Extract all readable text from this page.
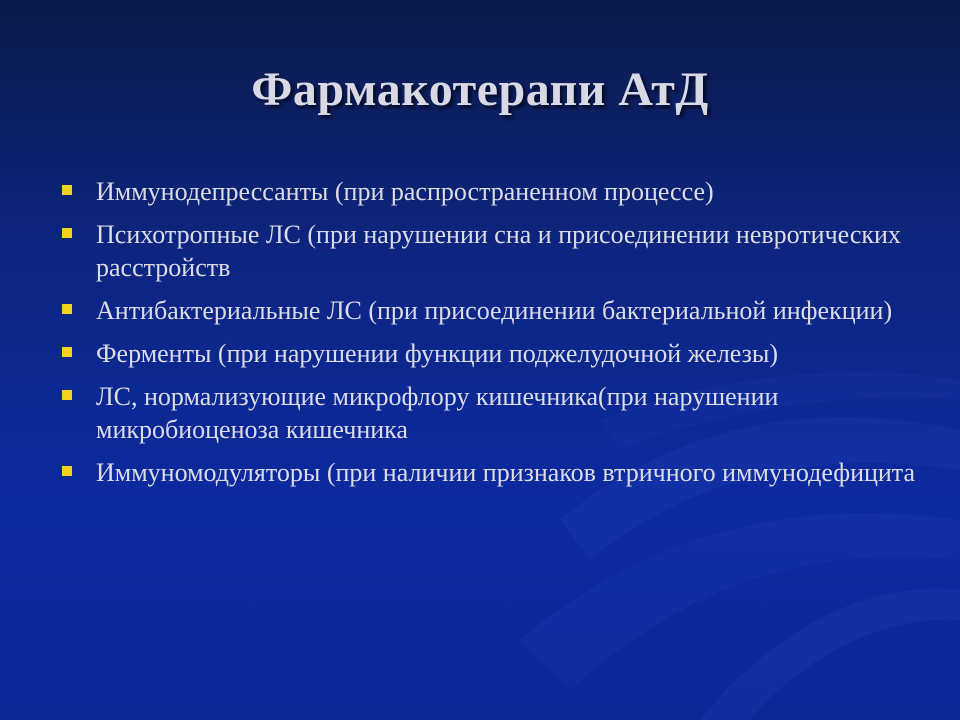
Фармакотерапи АтД
Иммунодепрессанты (при распространенном процессе)
Психотропные ЛС (при нарушении сна и присоединении невротических расстройств
Антибактериальные ЛС (при присоединении бактериальной инфекции)
Ферменты (при нарушении функции поджелудочной железы)
ЛС, нормализующие микрофлору кишечника(при нарушении микробиоценоза кишечника
Иммуномодуляторы (при наличии признаков втричного иммунодефицита
